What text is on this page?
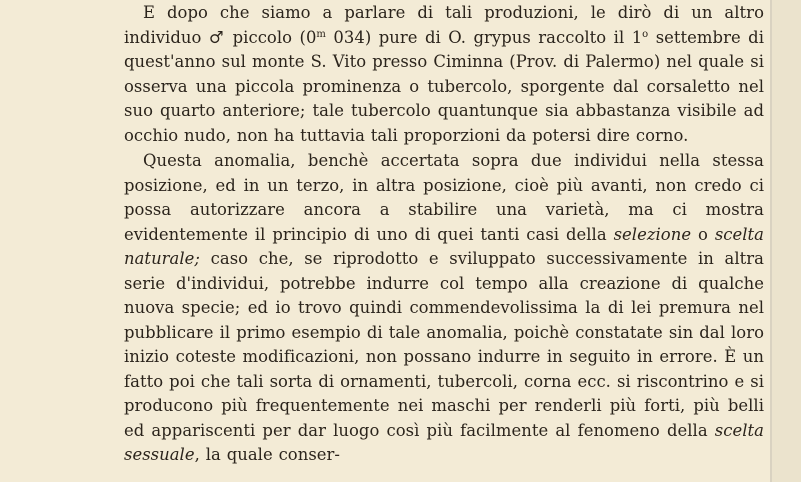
E dopo che siamo a parlare di tali produzioni, le dirò di un altro individuo ♂ piccolo (0$^m$ 034) pure di O. grypus raccolto il 1$^o$ settembre di quest'anno sul monte S. Vito presso Ciminna (Prov. di Palermo) nel quale si osserva una piccola prominenza o tubercolo, sporgente dal corsaletto nel suo quarto anteriore; tale tubercolo quantunque sia abbastanza visibile ad occhio nudo, non ha tuttavia tali proporzioni da potersi dire corno.

Questa anomalia, benchè accertata sopra due individui nella stessa posizione, ed in un terzo, in altra posizione, cioè più avanti, non credo ci possa autorizzare ancora a stabilire una varietà, ma ci mostra evidentemente il principio di uno di quei tanti casi della selezione o scelta naturale; caso che, se riprodotto e sviluppato successivamente in altra serie d'individui, potrebbe indurre col tempo alla creazione di qualche nuova specie; ed io trovo quindi commendevolissima la di lei premura nel pubblicare il primo esempio di tale anomalia, poichè constatate sin dal loro inizio coteste modificazioni, non possano indurre in seguito in errore. È un fatto poi che tali sorta di ornamenti, tubercoli, corna ecc. si riscontrino e si producono più frequentemente nei maschi per renderli più forti, più belli ed appariscenti per dar luogo così più facilmente al fenomeno della scelta sessuale, la quale conser-
